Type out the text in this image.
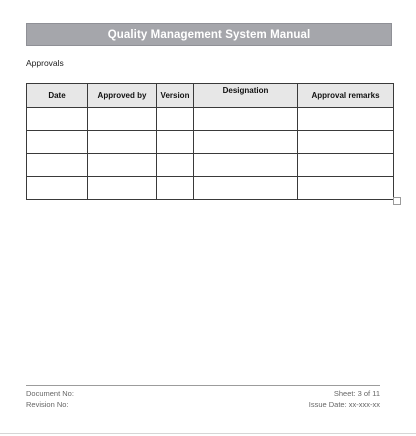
Quality Management System Manual
Approvals
Date	Approved by	Version	Designation	Approval remarks

Document No:
Revision No:
Sheet: 3 of 11
Issue Date: xx-xxx-xx
